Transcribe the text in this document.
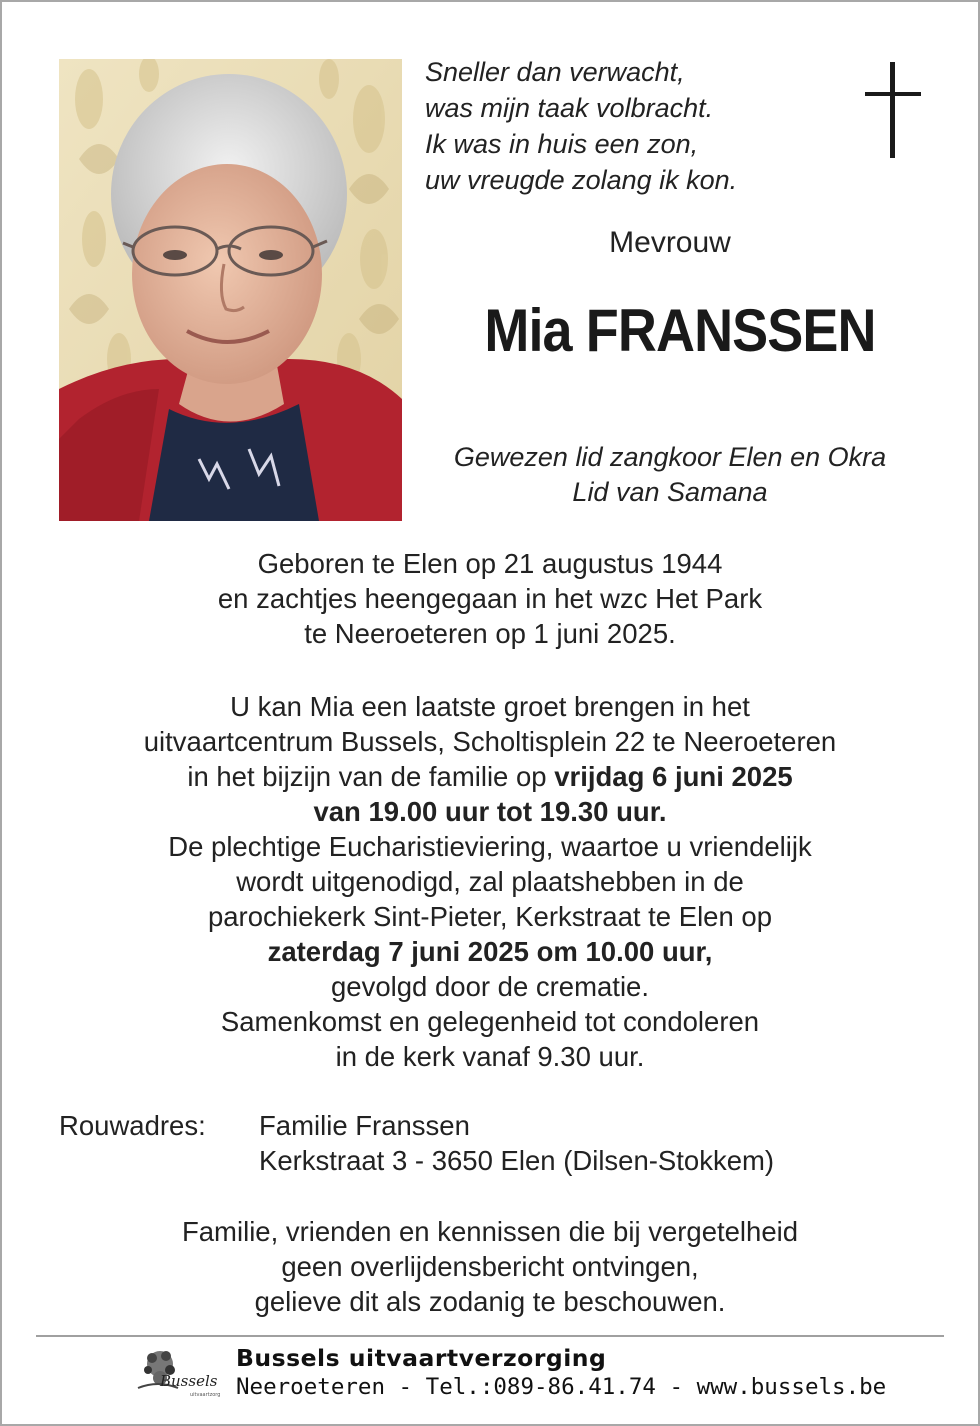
Sneller dan verwacht,
was mijn taak volbracht.
Ik was in huis een zon,
uw vreugde zolang ik kon.
Mevrouw
Mia FRANSSEN
Gewezen lid zangkoor Elen en Okra
Lid van Samana
Geboren te Elen op 21 augustus 1944
en zachtjes heengegaan in het wzc Het Park
te Neeroeteren op 1 juni 2025.
U kan Mia een laatste groet brengen in het
uitvaartcentrum Bussels, Scholtisplein 22 te Neeroeteren
in het bijzijn van de familie op vrijdag 6 juni 2025
van 19.00 uur tot 19.30 uur.
De plechtige Eucharistieviering, waartoe u vriendelijk
wordt uitgenodigd, zal plaatshebben in de
parochiekerk Sint-Pieter, Kerkstraat te Elen op
zaterdag 7 juni 2025 om 10.00 uur,
gevolgd door de crematie.
Samenkomst en gelegenheid tot condoleren
in de kerk vanaf 9.30 uur.
Rouwadres: Familie Franssen
Kerkstraat 3 - 3650 Elen (Dilsen-Stokkem)
Familie, vrienden en kennissen die bij vergetelheid
geen overlijdensbericht ontvingen,
gelieve dit als zodanig te beschouwen.
Bussels
uitvaartzorg
Bussels uitvaartverzorging
Neeroeteren - Tel.:089-86.41.74 - www.bussels.be
